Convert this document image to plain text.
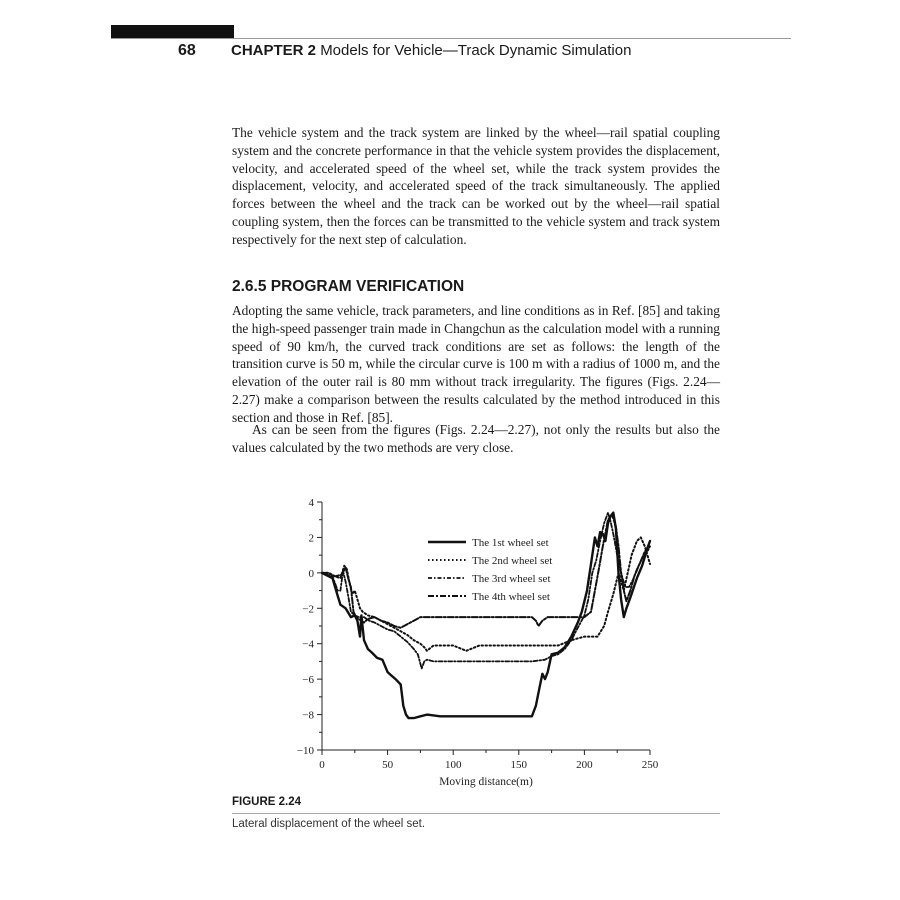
68 CHAPTER 2 Models for Vehicle—Track Dynamic Simulation

The vehicle system and the track system are linked by the wheel—rail spatial coupling system and the concrete performance in that the vehicle system provides the displacement, velocity, and accelerated speed of the wheel set, while the track system provides the displacement, velocity, and accelerated speed of the track simultaneously. The applied forces between the wheel and the track can be worked out by the wheel—rail spatial coupling system, then the forces can be transmitted to the vehicle system and track system respectively for the next step of calculation.

2.6.5 PROGRAM VERIFICATION

Adopting the same vehicle, track parameters, and line conditions as in Ref. [85] and taking the high-speed passenger train made in Changchun as the calculation model with a running speed of 90 km/h, the curved track conditions are set as follows: the length of the transition curve is 50 m, while the circular curve is 100 m with a radius of 1000 m, and the elevation of the outer rail is 80 mm without track irregularity. The figures (Figs. 2.24—2.27) make a comparison between the results calculated by the method introduced in this section and those in Ref. [85].

As can be seen from the figures (Figs. 2.24—2.27), not only the results but also the values calculated by the two methods are very close.

4
2
0
−2
−4
−6
−8
−10
0	50	100	150	200	250
Moving distance(m)
The 1st wheel set
The 2nd wheel set
The 3rd wheel set
The 4th wheel set
FIGURE 2.24
Lateral displacement of the wheel set.
